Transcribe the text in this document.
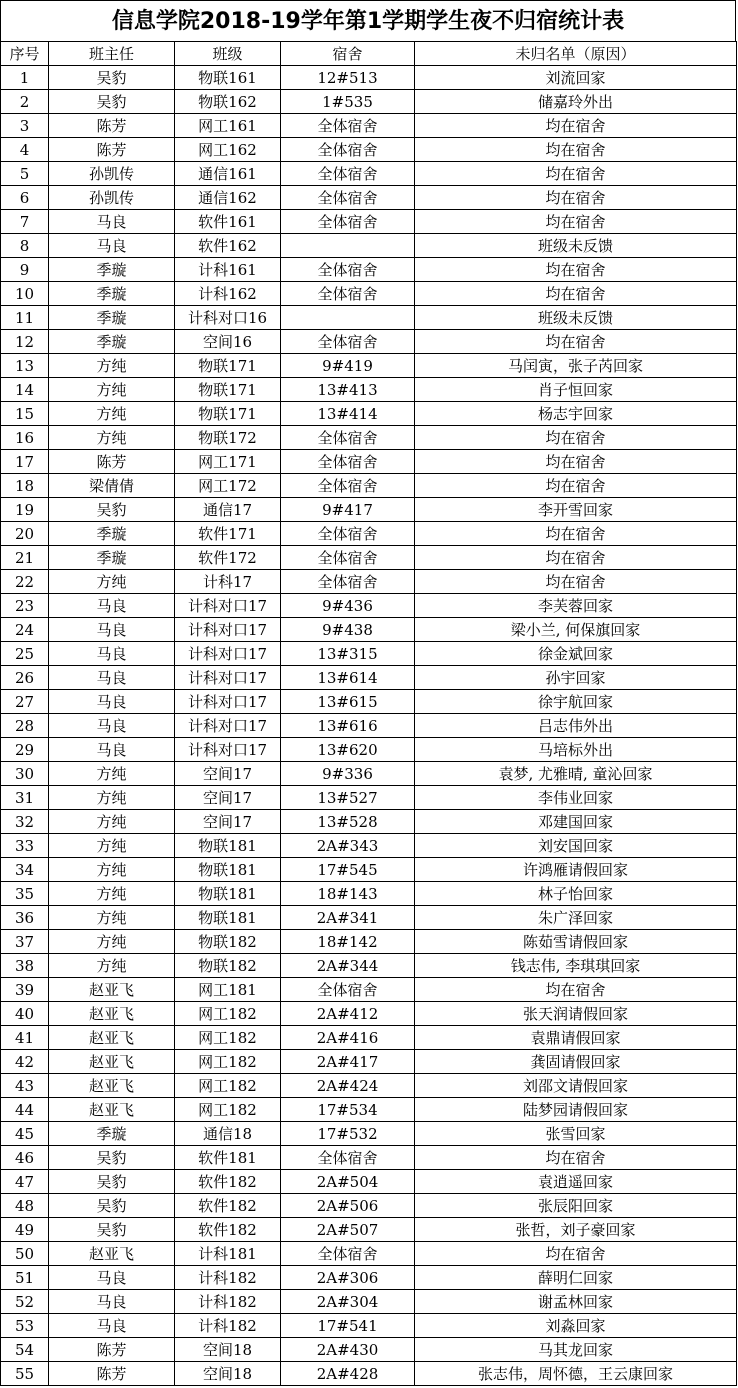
信息学院2018-19学年第1学期学生夜不归宿统计表
序号	班主任	班级	宿舍	未归名单（原因）
1	吴豹	物联161	12#513	刘流回家
2	吴豹	物联162	1#535	储嘉玲外出
3	陈芳	网工161	全体宿舍	均在宿舍
4	陈芳	网工162	全体宿舍	均在宿舍
5	孙凯传	通信161	全体宿舍	均在宿舍
6	孙凯传	通信162	全体宿舍	均在宿舍
7	马良	软件161	全体宿舍	均在宿舍
8	马良	软件162		班级未反馈
9	季璇	计科161	全体宿舍	均在宿舍
10	季璇	计科162	全体宿舍	均在宿舍
11	季璇	计科对口16		班级未反馈
12	季璇	空间16	全体宿舍	均在宿舍
13	方纯	物联171	9#419	马闰寅，张子芮回家
14	方纯	物联171	13#413	肖子恒回家
15	方纯	物联171	13#414	杨志宇回家
16	方纯	物联172	全体宿舍	均在宿舍
17	陈芳	网工171	全体宿舍	均在宿舍
18	梁倩倩	网工172	全体宿舍	均在宿舍
19	吴豹	通信17	9#417	李开雪回家
20	季璇	软件171	全体宿舍	均在宿舍
21	季璇	软件172	全体宿舍	均在宿舍
22	方纯	计科17	全体宿舍	均在宿舍
23	马良	计科对口17	9#436	李芙蓉回家
24	马良	计科对口17	9#438	梁小兰, 何保旗回家
25	马良	计科对口17	13#315	徐金斌回家
26	马良	计科对口17	13#614	孙宇回家
27	马良	计科对口17	13#615	徐宇航回家
28	马良	计科对口17	13#616	吕志伟外出
29	马良	计科对口17	13#620	马培标外出
30	方纯	空间17	9#336	袁梦, 尤雅晴, 童沁回家
31	方纯	空间17	13#527	李伟业回家
32	方纯	空间17	13#528	邓建国回家
33	方纯	物联181	2A#343	刘安国回家
34	方纯	物联181	17#545	许鸿雁请假回家
35	方纯	物联181	18#143	林子怡回家
36	方纯	物联181	2A#341	朱广泽回家
37	方纯	物联182	18#142	陈茹雪请假回家
38	方纯	物联182	2A#344	钱志伟, 李琪琪回家
39	赵亚飞	网工181	全体宿舍	均在宿舍
40	赵亚飞	网工182	2A#412	张天润请假回家
41	赵亚飞	网工182	2A#416	袁鼎请假回家
42	赵亚飞	网工182	2A#417	龚固请假回家
43	赵亚飞	网工182	2A#424	刘邵文请假回家
44	赵亚飞	网工182	17#534	陆梦园请假回家
45	季璇	通信18	17#532	张雪回家
46	吴豹	软件181	全体宿舍	均在宿舍
47	吴豹	软件182	2A#504	袁逍遥回家
48	吴豹	软件182	2A#506	张辰阳回家
49	吴豹	软件182	2A#507	张哲，刘子豪回家
50	赵亚飞	计科181	全体宿舍	均在宿舍
51	马良	计科182	2A#306	薛明仁回家
52	马良	计科182	2A#304	谢孟林回家
53	马良	计科182	17#541	刘淼回家
54	陈芳	空间18	2A#430	马其龙回家
55	陈芳	空间18	2A#428	张志伟，周怀德，王云康回家
